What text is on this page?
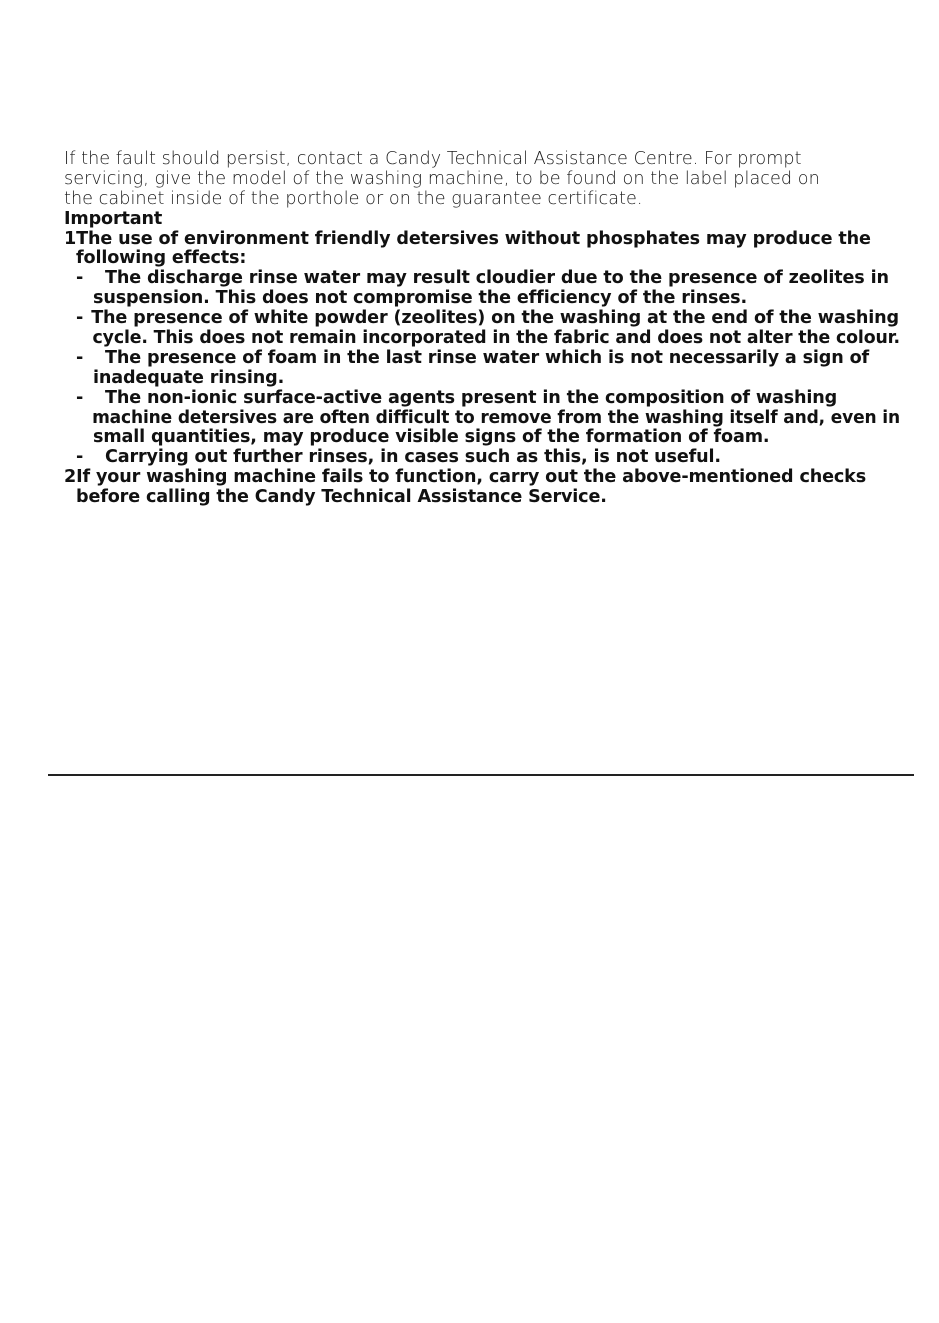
If the fault should persist, contact a Candy Technical Assistance Centre. For prompt
servicing, give the model of the washing machine, to be found on the label placed on
the cabinet inside of the porthole or on the guarantee certificate.
Important
1 The use of environment friendly detersives without phosphates may produce the
following effects:
-	The discharge rinse water may result cloudier due to the presence of zeolites in
suspension. This does not compromise the efficiency of the rinses.
- The presence of white powder (zeolites) on the washing at the end of the washing
cycle. This does not remain incorporated in the fabric and does not alter the colour.
-	The presence of foam in the last rinse water which is not necessarily a sign of
inadequate rinsing.
-	The non-ionic surface-active agents present in the composition of washing
machine detersives are often difficult to remove from the washing itself and, even in
small quantities, may produce visible signs of the formation of foam.
-	Carrying out further rinses, in cases such as this, is not useful.
2 If your washing machine fails to function, carry out the above-mentioned checks
before calling the Candy Technical Assistance Service.
